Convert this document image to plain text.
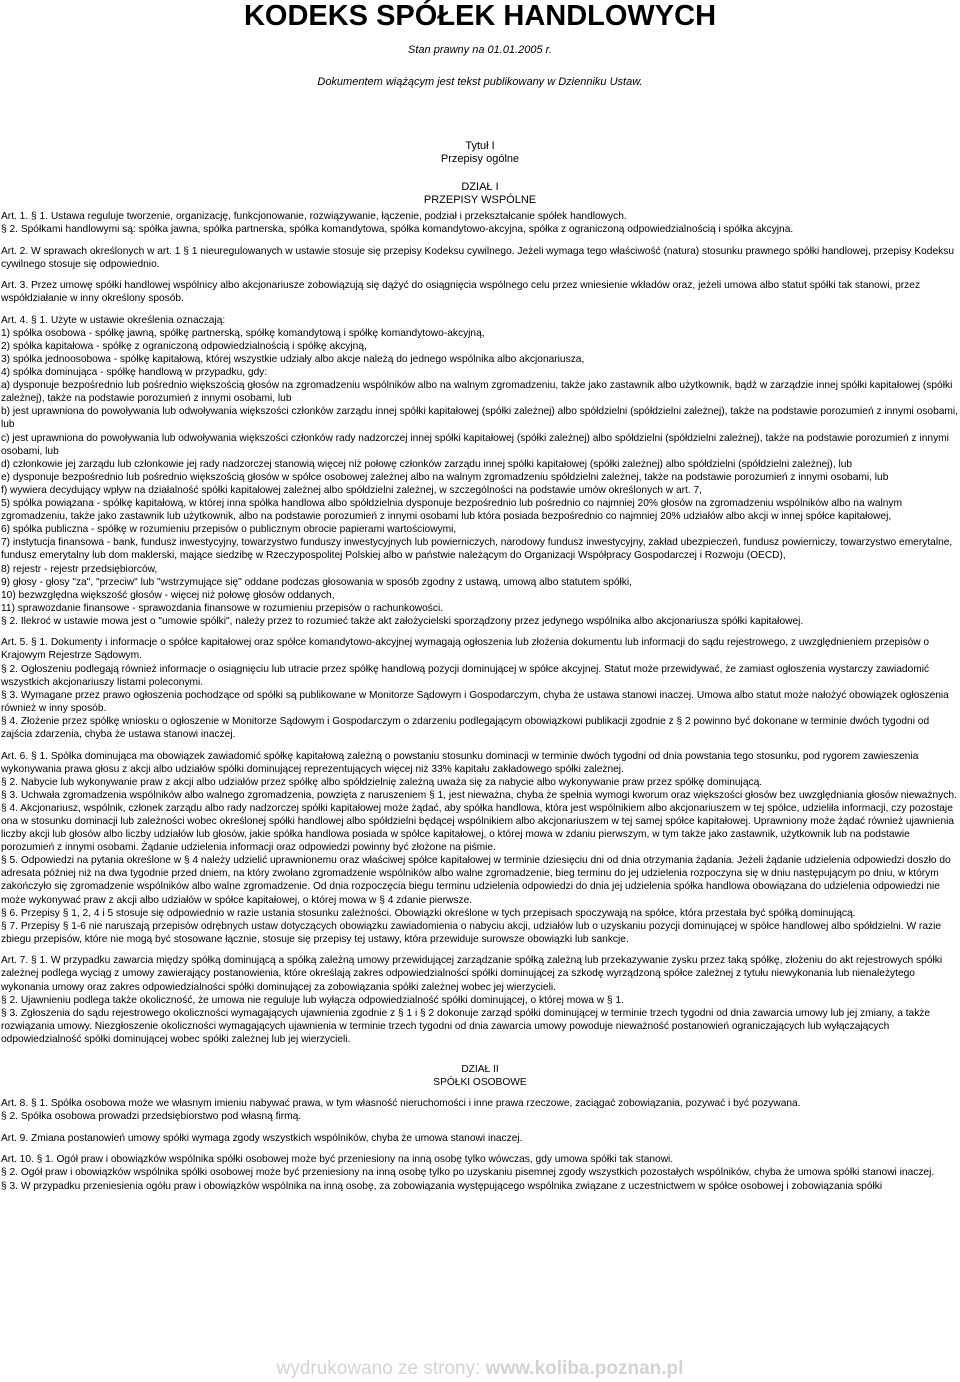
KODEKS SPÓŁEK HANDLOWYCH
Stan prawny na 01.01.2005 r.
Dokumentem wiążącym jest tekst publikowany w Dzienniku Ustaw.
Tytuł I
Przepisy ogólne
DZIAŁ I
PRZEPISY WSPÓLNE

Art. 1. § 1. Ustawa reguluje tworzenie, organizację, funkcjonowanie, rozwiązywanie, łączenie, podział i przekształcanie spółek handlowych.

§ 2. Spółkami handlowymi są: spółka jawna, spółka partnerska, spółka komandytowa, spółka komandytowo-akcyjna, spółka z ograniczoną odpowiedzialnością i spółka akcyjna.

Art. 2. W sprawach określonych w art. 1 § 1 nieuregulowanych w ustawie stosuje się przepisy Kodeksu cywilnego. Jeżeli wymaga tego właściwość (natura) stosunku prawnego spółki handlowej, przepisy Kodeksu cywilnego stosuje się odpowiednio.

Art. 3. Przez umowę spółki handlowej wspólnicy albo akcjonariusze zobowiązują się dążyć do osiągnięcia wspólnego celu przez wniesienie wkładów oraz, jeżeli umowa albo statut spółki tak stanowi, przez współdziałanie w inny określony sposób.

Art. 4. § 1. Użyte w ustawie określenia oznaczają:

1) spółka osobowa - spółkę jawną, spółkę partnerską, spółkę komandytową i spółkę komandytowo-akcyjną,

2) spółka kapitałowa - spółkę z ograniczoną odpowiedzialnością i spółkę akcyjną,

3) spółka jednoosobowa - spółkę kapitałową, której wszystkie udziały albo akcje należą do jednego wspólnika albo akcjonariusza,

4) spółka dominująca - spółkę handlową w przypadku, gdy:

a) dysponuje bezpośrednio lub pośrednio większością głosów na zgromadzeniu wspólników albo na walnym zgromadzeniu, także jako zastawnik albo użytkownik, bądź w zarządzie innej spółki kapitałowej (spółki zależnej), także na podstawie porozumień z innymi osobami, lub

b) jest uprawniona do powoływania lub odwoływania większości członków zarządu innej spółki kapitałowej (spółki zależnej) albo spółdzielni (spółdzielni zależnej), także na podstawie porozumień z innymi osobami, lub

c) jest uprawniona do powoływania lub odwoływania większości członków rady nadzorczej innej spółki kapitałowej (spółki zależnej) albo spółdzielni (spółdzielni zależnej), także na podstawie porozumień z innymi osobami, lub

d) członkowie jej zarządu lub członkowie jej rady nadzorczej stanowią więcej niż połowę członków zarządu innej spółki kapitałowej (spółki zależnej) albo spółdzielni (spółdzielni zależnej), lub

e) dysponuje bezpośrednio lub pośrednio większością głosów w spółce osobowej zależnej albo na walnym zgromadzeniu spółdzielni zależnej, także na podstawie porozumień z innymi osobami, lub

f) wywiera decydujący wpływ na działalność spółki kapitałowej zależnej albo spółdzielni zależnej, w szczególności na podstawie umów określonych w art. 7,

5) spółka powiązana - spółkę kapitałową, w której inna spółka handlowa albo spółdzielnia dysponuje bezpośrednio lub pośrednio co najmniej 20% głosów na zgromadzeniu wspólników albo na walnym zgromadzeniu, także jako zastawnik lub użytkownik, albo na podstawie porozumień z innymi osobami lub która posiada bezpośrednio co najmniej 20% udziałów albo akcji w innej spółce kapitałowej,

6) spółka publiczna - spółkę w rozumieniu przepisów o publicznym obrocie papierami wartościowymi,

7) instytucja finansowa - bank, fundusz inwestycyjny, towarzystwo funduszy inwestycyjnych lub powierniczych, narodowy fundusz inwestycyjny, zakład ubezpieczeń, fundusz powierniczy, towarzystwo emerytalne, fundusz emerytalny lub dom maklerski, mające siedzibę w Rzeczypospolitej Polskiej albo w państwie należącym do Organizacji Współpracy Gospodarczej i Rozwoju (OECD),

8) rejestr - rejestr przedsiębiorców,

9) głosy - głosy "za", "przeciw" lub "wstrzymujące się" oddane podczas głosowania w sposób zgodny z ustawą, umową albo statutem spółki,

10) bezwzględna większość głosów - więcej niż połowę głosów oddanych,

11) sprawozdanie finansowe - sprawozdania finansowe w rozumieniu przepisów o rachunkowości.

§ 2. Ilekroć w ustawie mowa jest o "umowie spółki", należy przez to rozumieć także akt założycielski sporządzony przez jedynego wspólnika albo akcjonariusza spółki kapitałowej.

Art. 5. § 1. Dokumenty i informacje o spółce kapitałowej oraz spółce komandytowo-akcyjnej wymagają ogłoszenia lub złożenia dokumentu lub informacji do sądu rejestrowego, z uwzględnieniem przepisów o Krajowym Rejestrze Sądowym.

§ 2. Ogłoszeniu podlegają również informacje o osiągnięciu lub utracie przez spółkę handlową pozycji dominującej w spółce akcyjnej. Statut może przewidywać, że zamiast ogłoszenia wystarczy zawiadomić wszystkich akcjonariuszy listami poleconymi.

§ 3. Wymagane przez prawo ogłoszenia pochodzące od spółki są publikowane w Monitorze Sądowym i Gospodarczym, chyba że ustawa stanowi inaczej. Umowa albo statut może nałożyć obowiązek ogłoszenia również w inny sposób.

§ 4. Złożenie przez spółkę wniosku o ogłoszenie w Monitorze Sądowym i Gospodarczym o zdarzeniu podlegającym obowiązkowi publikacji zgodnie z § 2 powinno być dokonane w terminie dwóch tygodni od zajścia zdarzenia, chyba że ustawa stanowi inaczej.

Art. 6. § 1. Spółka dominująca ma obowiązek zawiadomić spółkę kapitałową zależną o powstaniu stosunku dominacji w terminie dwóch tygodni od dnia powstania tego stosunku, pod rygorem zawieszenia wykonywania prawa głosu z akcji albo udziałów spółki dominującej reprezentujących więcej niż 33% kapitału zakładowego spółki zależnej.

§ 2. Nabycie lub wykonywanie praw z akcji albo udziałów przez spółkę albo spółdzielnię zależną uważa się za nabycie albo wykonywanie praw przez spółkę dominującą.

§ 3. Uchwała zgromadzenia wspólników albo walnego zgromadzenia, powzięta z naruszeniem § 1, jest nieważna, chyba że spełnia wymogi kworum oraz większości głosów bez uwzględniania głosów nieważnych.

§ 4. Akcjonariusz, wspólnik, członek zarządu albo rady nadzorczej spółki kapitałowej może żądać, aby spółka handlowa, która jest wspólnikiem albo akcjonariuszem w tej spółce, udzieliła informacji, czy pozostaje ona w stosunku dominacji lub zależności wobec określonej spółki handlowej albo spółdzielni będącej wspólnikiem albo akcjonariuszem w tej samej spółce kapitałowej. Uprawniony może żądać również ujawnienia liczby akcji lub głosów albo liczby udziałów lub głosów, jakie spółka handlowa posiada w spółce kapitałowej, o której mowa w zdaniu pierwszym, w tym także jako zastawnik, użytkownik lub na podstawie porozumień z innymi osobami. Żądanie udzielenia informacji oraz odpowiedzi powinny być złożone na piśmie.

§ 5. Odpowiedzi na pytania określone w § 4 należy udzielić uprawnionemu oraz właściwej spółce kapitałowej w terminie dziesięciu dni od dnia otrzymania żądania. Jeżeli żądanie udzielenia odpowiedzi doszło do adresata później niż na dwa tygodnie przed dniem, na który zwołano zgromadzenie wspólników albo walne zgromadzenie, bieg terminu do jej udzielenia rozpoczyna się w dniu następującym po dniu, w którym zakończyło się zgromadzenie wspólników albo walne zgromadzenie. Od dnia rozpoczęcia biegu terminu udzielenia odpowiedzi do dnia jej udzielenia spółka handlowa obowiązana do udzielenia odpowiedzi nie może wykonywać praw z akcji albo udziałów w spółce kapitałowej, o której mowa w § 4 zdanie pierwsze.

§ 6. Przepisy § 1, 2, 4 i 5 stosuje się odpowiednio w razie ustania stosunku zależności. Obowiązki określone w tych przepisach spoczywają na spółce, która przestała być spółką dominującą.

§ 7. Przepisy § 1-6 nie naruszają przepisów odrębnych ustaw dotyczących obowiązku zawiadomienia o nabyciu akcji, udziałów lub o uzyskaniu pozycji dominującej w spółce handlowej albo spółdzielni. W razie zbiegu przepisów, które nie mogą być stosowane łącznie, stosuje się przepisy tej ustawy, która przewiduje surowsze obowiązki lub sankcje.

Art. 7. § 1. W przypadku zawarcia między spółką dominującą a spółką zależną umowy przewidującej zarządzanie spółką zależną lub przekazywanie zysku przez taką spółkę, złożeniu do akt rejestrowych spółki zależnej podlega wyciąg z umowy zawierający postanowienia, które określają zakres odpowiedzialności spółki dominującej za szkodę wyrządzoną spółce zależnej z tytułu niewykonania lub nienależytego wykonania umowy oraz zakres odpowiedzialności spółki dominującej za zobowiązania spółki zależnej wobec jej wierzycieli.

§ 2. Ujawnieniu podlega także okoliczność, że umowa nie reguluje lub wyłącza odpowiedzialność spółki dominującej, o której mowa w § 1.

§ 3. Zgłoszenia do sądu rejestrowego okoliczności wymagających ujawnienia zgodnie z § 1 i § 2 dokonuje zarząd spółki dominującej w terminie trzech tygodni od dnia zawarcia umowy lub jej zmiany, a także rozwiązania umowy. Niezgłoszenie okoliczności wymagających ujawnienia w terminie trzech tygodni od dnia zawarcia umowy powoduje nieważność postanowień ograniczających lub wyłączających odpowiedzialność spółki dominującej wobec spółki zależnej lub jej wierzycieli.

DZIAŁ II

SPÓŁKI OSOBOWE

Art. 8. § 1. Spółka osobowa może we własnym imieniu nabywać prawa, w tym własność nieruchomości i inne prawa rzeczowe, zaciągać zobowiązania, pozywać i być pozywana.

§ 2. Spółka osobowa prowadzi przedsiębiorstwo pod własną firmą.

Art. 9. Zmiana postanowień umowy spółki wymaga zgody wszystkich wspólników, chyba że umowa stanowi inaczej.

Art. 10. § 1. Ogół praw i obowiązków wspólnika spółki osobowej może być przeniesiony na inną osobę tylko wówczas, gdy umowa spółki tak stanowi.

§ 2. Ogół praw i obowiązków wspólnika spółki osobowej może być przeniesiony na inną osobę tylko po uzyskaniu pisemnej zgody wszystkich pozostałych wspólników, chyba że umowa spółki stanowi inaczej.

§ 3. W przypadku przeniesienia ogółu praw i obowiązków wspólnika na inną osobę, za zobowiązania występującego wspólnika związane z uczestnictwem w spółce osobowej i zobowiązania spółki

wydrukowano ze strony: www.koliba.poznan.pl
